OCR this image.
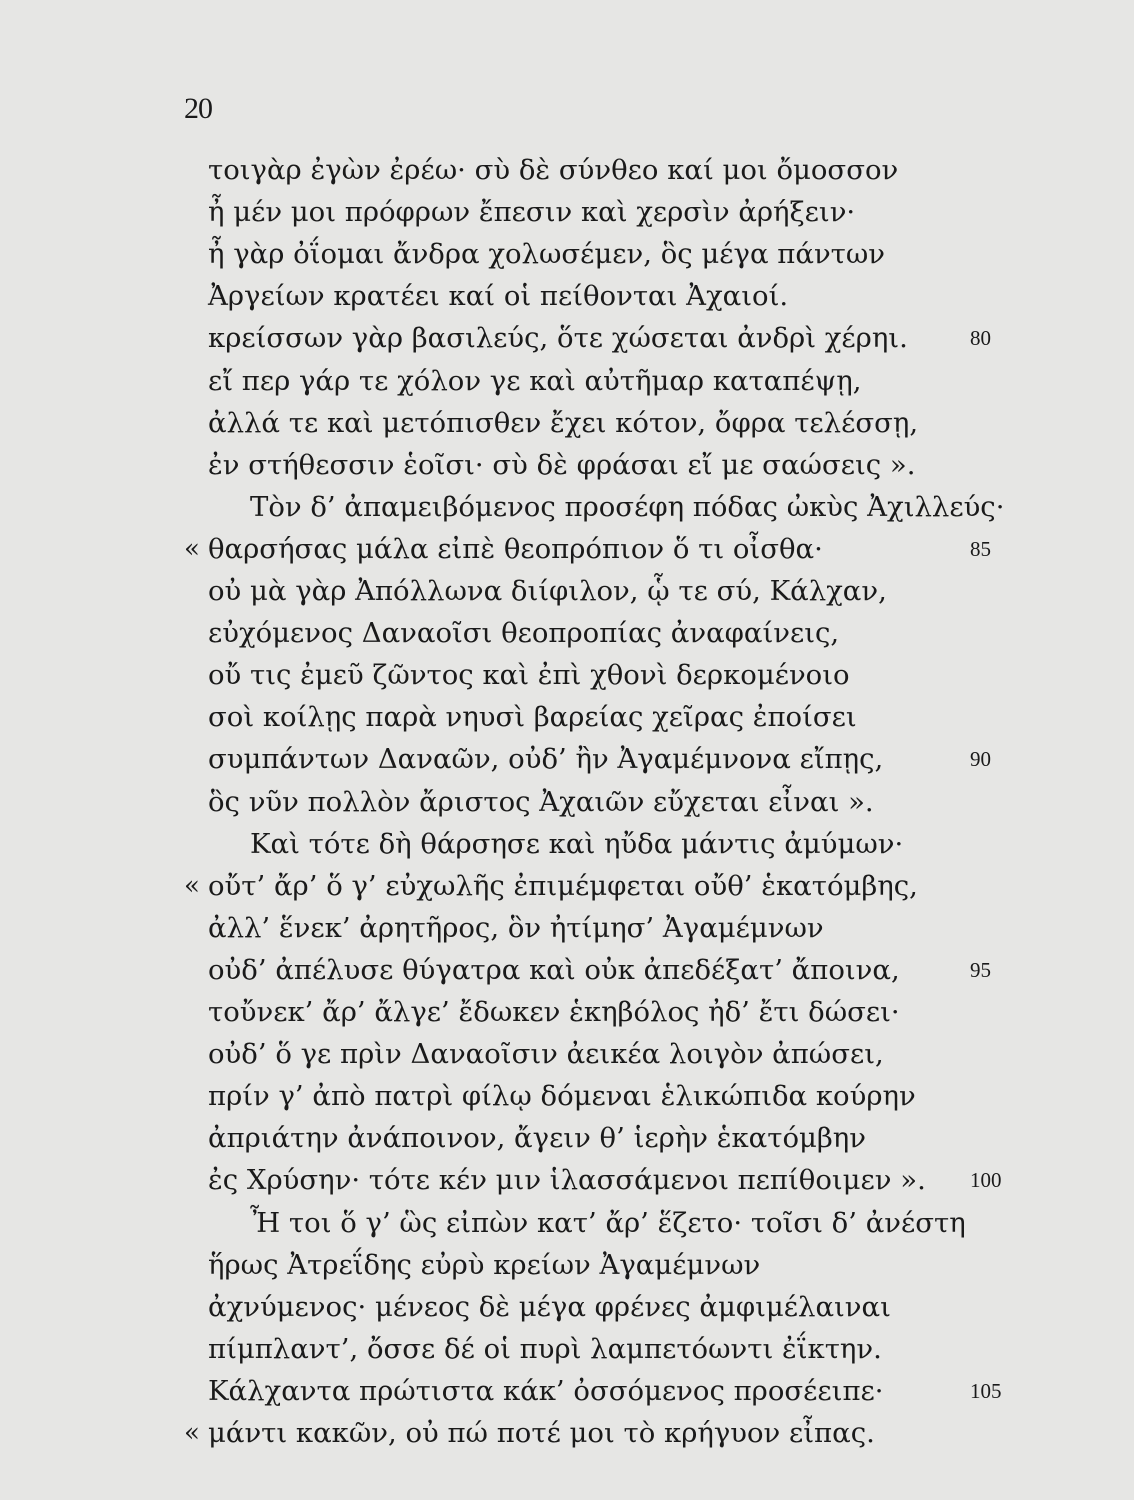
20
τοιγὰρ ἐγὼν ἐρέω· σὺ δὲ σύνθεο καί μοι ὄμοσσον
ἦ μέν μοι πρόφρων ἔπεσιν καὶ χερσὶν ἀρήξειν·
ἦ γὰρ ὀΐομαι ἄνδρα χολωσέμεν, ὃς μέγα πάντων
Ἀργείων κρατέει καί οἱ πείθονται Ἀχαιοί.
κρείσσων γὰρ βασιλεύς, ὅτε χώσεται ἀνδρὶ χέρηι.	80
εἴ περ γάρ τε χόλον γε καὶ αὐτῆμαρ καταπέψῃ,
ἀλλά τε καὶ μετόπισθεν ἔχει κότον, ὄφρα τελέσσῃ,
ἐν στήθεσσιν ἑοῖσι· σὺ δὲ φράσαι εἴ με σαώσεις ».
Τὸν δ’ ἀπαμειβόμενος προσέφη πόδας ὠκὺς Ἀχιλλεύς·
« θαρσήσας μάλα εἰπὲ θεοπρόπιον ὅ τι οἶσθα·	85
οὐ μὰ γὰρ Ἀπόλλωνα διίφιλον, ᾧ τε σύ, Κάλχαν,
εὐχόμενος Δαναοῖσι θεοπροπίας ἀναφαίνεις,
οὔ τις ἐμεῦ ζῶντος καὶ ἐπὶ χθονὶ δερκομένοιο
σοὶ κοίλῃς παρὰ νηυσὶ βαρείας χεῖρας ἐποίσει
συμπάντων Δαναῶν, οὐδ’ ἢν Ἀγαμέμνονα εἴπῃς,	90
ὃς νῦν πολλὸν ἄριστος Ἀχαιῶν εὔχεται εἶναι ».
Καὶ τότε δὴ θάρσησε καὶ ηὔδα μάντις ἀμύμων·
« οὔτ’ ἄρ’ ὅ γ’ εὐχωλῆς ἐπιμέμφεται οὔθ’ ἑκατόμβης,
ἀλλ’ ἕνεκ’ ἀρητῆρος, ὃν ἠτίμησ’ Ἀγαμέμνων
οὐδ’ ἀπέλυσε θύγατρα καὶ οὐκ ἀπεδέξατ’ ἄποινα,	95
τοὔνεκ’ ἄρ’ ἄλγε’ ἔδωκεν ἑκηβόλος ἠδ’ ἔτι δώσει·
οὐδ’ ὅ γε πρὶν Δαναοῖσιν ἀεικέα λοιγὸν ἀπώσει,
πρίν γ’ ἀπὸ πατρὶ φίλῳ δόμεναι ἑλικώπιδα κούρην
ἀπριάτην ἀνάποινον, ἄγειν θ’ ἱερὴν ἑκατόμβην
ἐς Χρύσην· τότε κέν μιν ἱλασσάμενοι πεπίθοιμεν ». 100
Ἦ τοι ὅ γ’ ὣς εἰπὼν κατ’ ἄρ’ ἕζετο· τοῖσι δ’ ἀνέστη
ἥρως Ἀτρεΐδης εὐρὺ κρείων Ἀγαμέμνων
ἀχνύμενος· μένεος δὲ μέγα φρένες ἀμφιμέλαιναι
πίμπλαντ’, ὄσσε δέ οἱ πυρὶ λαμπετόωντι ἐΐκτην.
Κάλχαντα πρώτιστα κάκ’ ὀσσόμενος προσέειπε·	105
« μάντι κακῶν, οὐ πώ ποτέ μοι τὸ κρήγυον εἶπας.
